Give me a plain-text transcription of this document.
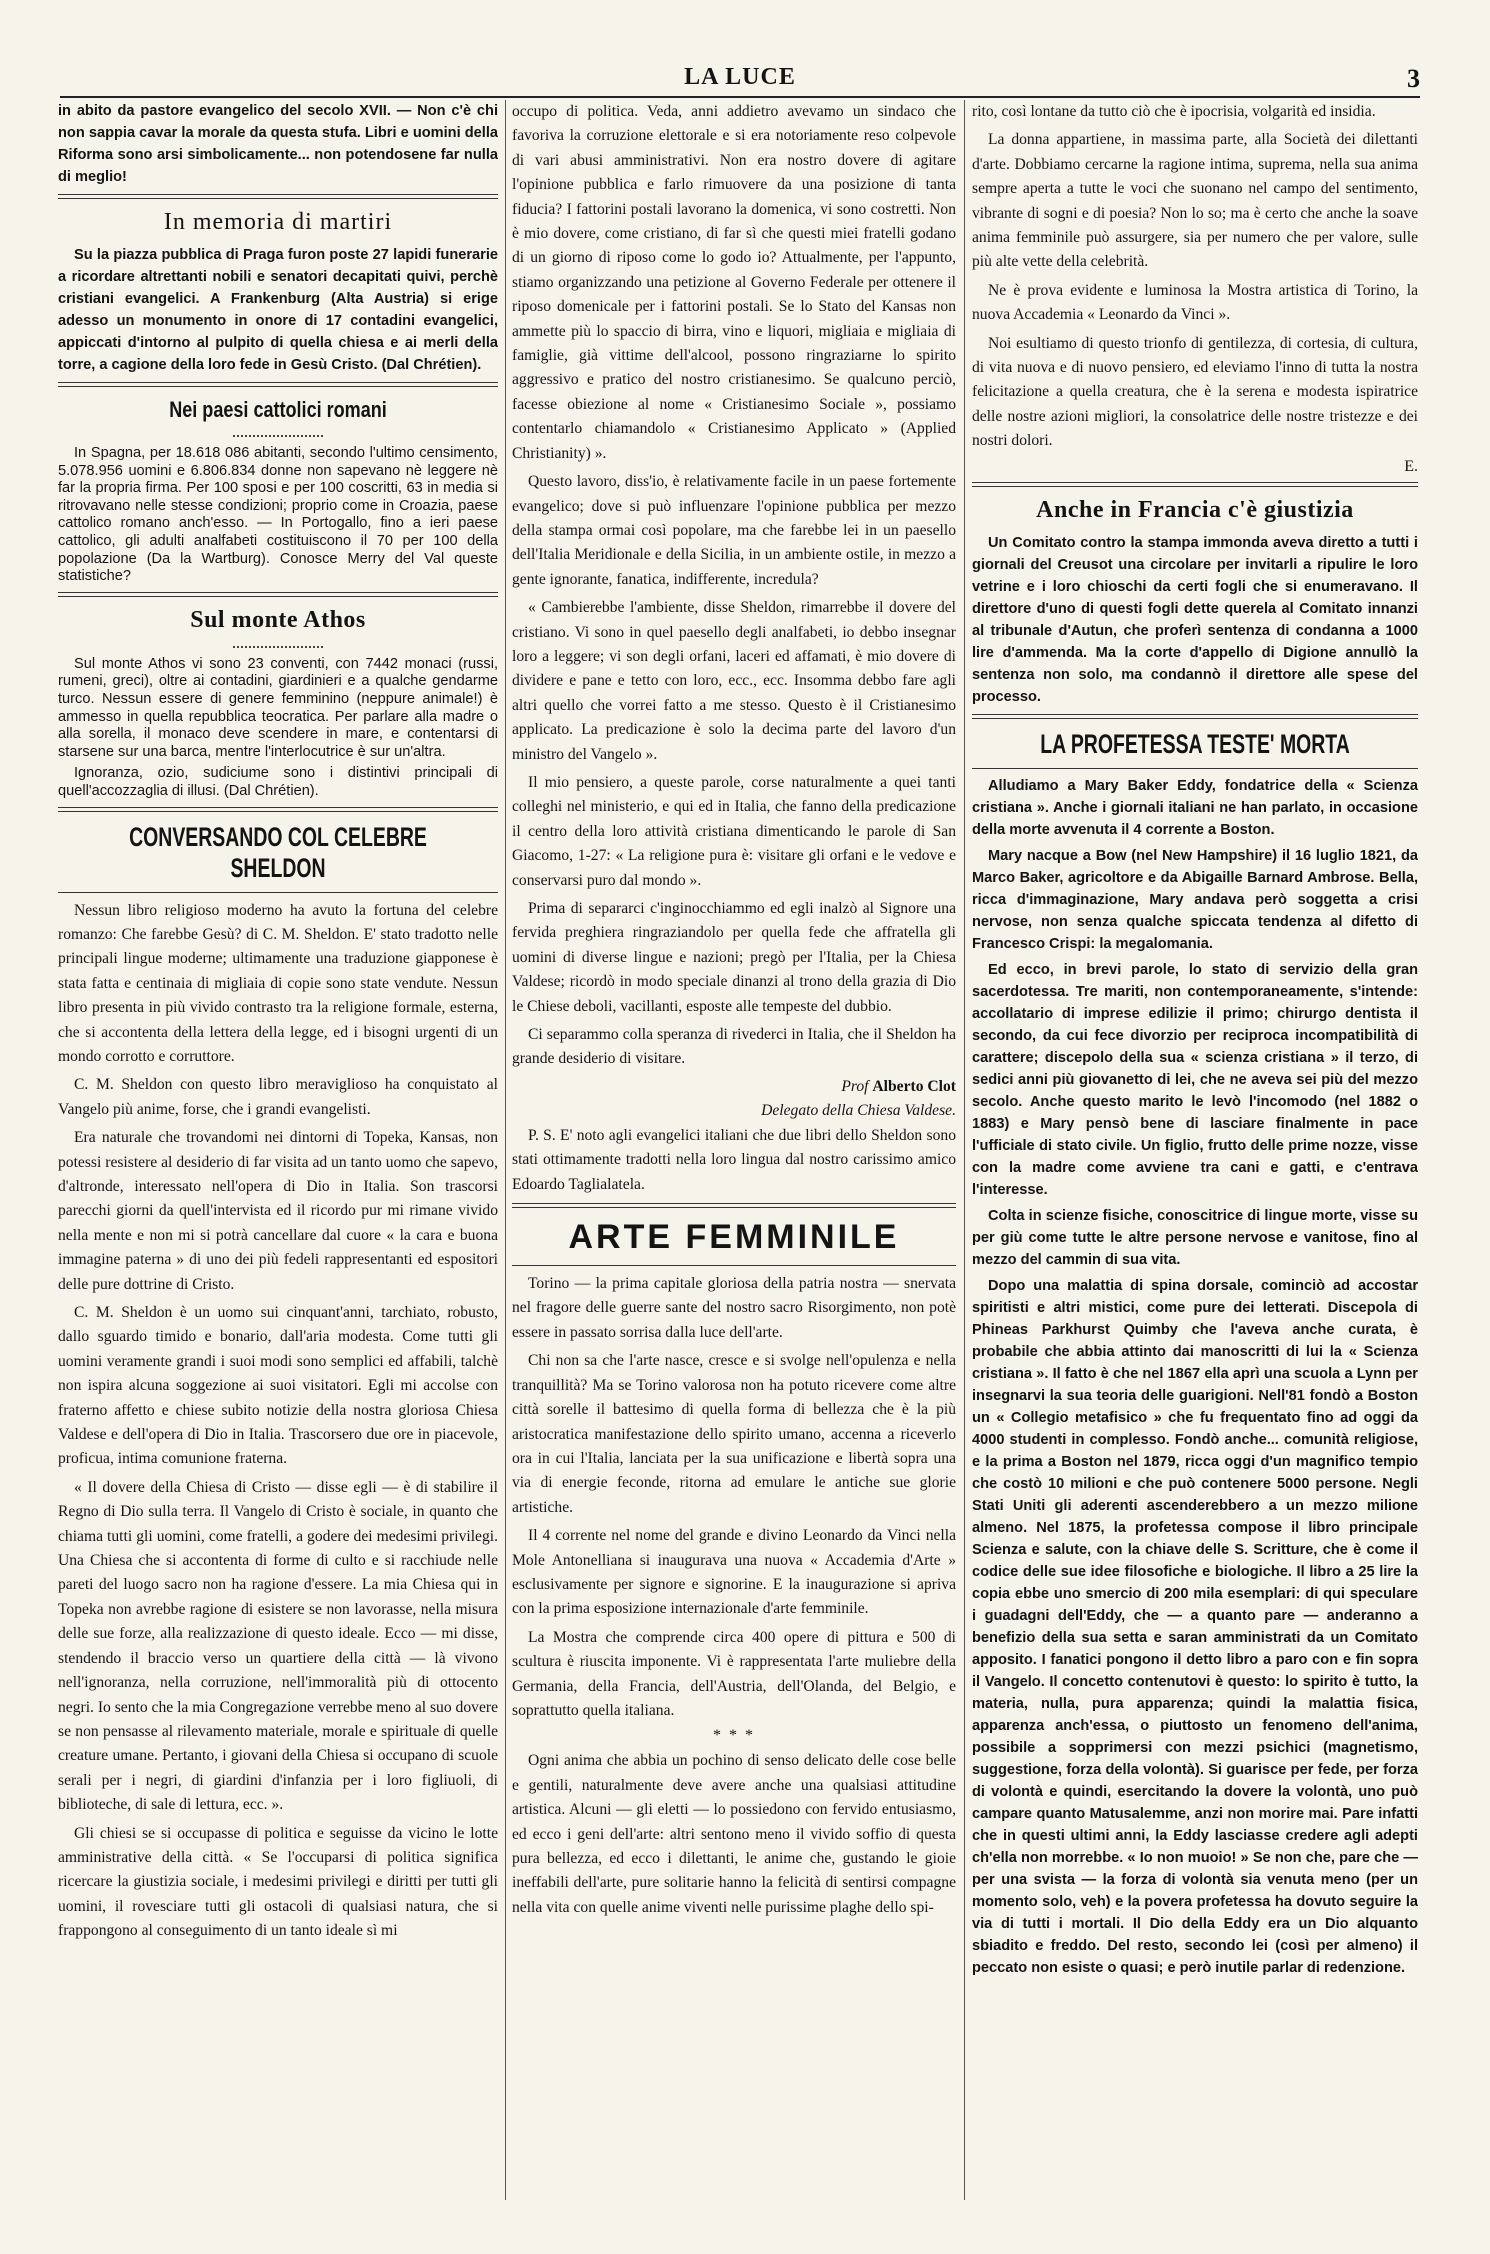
LA LUCE	3

in abito da pastore evangelico del secolo XVII. — Non c'è chi non sappia cavar la morale da questa stufa. Libri e uomini della Riforma sono arsi simbolicamente... non potendosene far nulla di meglio!

In memoria di martiri

Su la piazza pubblica di Praga furon poste 27 lapidi funerarie a ricordare altrettanti nobili e senatori decapitati quivi, perchè cristiani evangelici. A Frankenburg (Alta Austria) si erige adesso un monumento in onore di 17 contadini evangelici, appiccati d'intorno al pulpito di quella chiesa e ai merli della torre, a cagione della loro fede in Gesù Cristo. (Dal Chrétien).

Nei paesi cattolici romani

In Spagna, per 18.618 086 abitanti, secondo l'ultimo censimento, 5.078.956 uomini e 6.806.834 donne non sapevano nè leggere nè far la propria firma. Per 100 sposi e per 100 coscritti, 63 in media si ritrovavano nelle stesse condizioni; proprio come in Croazia, paese cattolico romano anch'esso. — In Portogallo, fino a ieri paese cattolico, gli adulti analfabeti costituiscono il 70 per 100 della popolazione (Da la Wartburg). Conosce Merry del Val queste statistiche?

Sul monte Athos

Sul monte Athos vi sono 23 conventi, con 7442 monaci (russi, rumeni, greci), oltre ai contadini, giardinieri e a qualche gendarme turco. Nessun essere di genere femminino (neppure animale!) è ammesso in quella repubblica teocratica. Per parlare alla madre o alla sorella, il monaco deve scendere in mare, e contentarsi di starsene sur una barca, mentre l'interlocutrice è sur un'altra.

Ignoranza, ozio, sudiciume sono i distintivi principali di quell'accozzaglia di illusi. (Dal Chrétien).

CONVERSANDO COL CELEBRE SHELDON

Nessun libro religioso moderno ha avuto la fortuna del celebre romanzo: Che farebbe Gesù? di C. M. Sheldon. E' stato tradotto nelle principali lingue moderne; ultimamente una traduzione giapponese è stata fatta e centinaia di migliaia di copie sono state vendute. Nessun libro presenta in più vivido contrasto tra la religione formale, esterna, che si accontenta della lettera della legge, ed i bisogni urgenti di un mondo corrotto e corruttore.

C. M. Sheldon con questo libro meraviglioso ha conquistato al Vangelo più anime, forse, che i grandi evangelisti.

Era naturale che trovandomi nei dintorni di Topeka, Kansas, non potessi resistere al desiderio di far visita ad un tanto uomo che sapevo, d'altronde, interessato nell'opera di Dio in Italia. Son trascorsi parecchi giorni da quell'intervista ed il ricordo pur mi rimane vivido nella mente e non mi si potrà cancellare dal cuore « la cara e buona immagine paterna » di uno dei più fedeli rappresentanti ed espositori delle pure dottrine di Cristo.

C. M. Sheldon è un uomo sui cinquant'anni, tarchiato, robusto, dallo sguardo timido e bonario, dall'aria modesta. Come tutti gli uomini veramente grandi i suoi modi sono semplici ed affabili, talchè non ispira alcuna soggezione ai suoi visitatori. Egli mi accolse con fraterno affetto e chiese subito notizie della nostra gloriosa Chiesa Valdese e dell'opera di Dio in Italia. Trascorsero due ore in piacevole, proficua, intima comunione fraterna.

« Il dovere della Chiesa di Cristo — disse egli — è di stabilire il Regno di Dio sulla terra. Il Vangelo di Cristo è sociale, in quanto che chiama tutti gli uomini, come fratelli, a godere dei medesimi privilegi. Una Chiesa che si accontenta di forme di culto e si racchiude nelle pareti del luogo sacro non ha ragione d'essere. La mia Chiesa qui in Topeka non avrebbe ragione di esistere se non lavorasse, nella misura delle sue forze, alla realizzazione di questo ideale. Ecco — mi disse, stendendo il braccio verso un quartiere della città — là vivono nell'ignoranza, nella corruzione, nell'immoralità più di ottocento negri. Io sento che la mia Congregazione verrebbe meno al suo dovere se non pensasse al rilevamento materiale, morale e spirituale di quelle creature umane. Pertanto, i giovani della Chiesa si occupano di scuole serali per i negri, di giardini d'infanzia per i loro figliuoli, di biblioteche, di sale di lettura, ecc. ».

Gli chiesi se si occupasse di politica e seguisse da vicino le lotte amministrative della città. « Se l'occuparsi di politica significa ricercare la giustizia sociale, i medesimi privilegi e diritti per tutti gli uomini, il rovesciare tutti gli ostacoli di qualsiasi natura, che si frappongono al conseguimento di un tanto ideale sì mi

occupo di politica. Veda, anni addietro avevamo un sindaco che favoriva la corruzione elettorale e si era notoriamente reso colpevole di vari abusi amministrativi. Non era nostro dovere di agitare l'opinione pubblica e farlo rimuovere da una posizione di tanta fiducia? I fattorini postali lavorano la domenica, vi sono costretti. Non è mio dovere, come cristiano, di far sì che questi miei fratelli godano di un giorno di riposo come lo godo io? Attualmente, per l'appunto, stiamo organizzando una petizione al Governo Federale per ottenere il riposo domenicale per i fattorini postali. Se lo Stato del Kansas non ammette più lo spaccio di birra, vino e liquori, migliaia e migliaia di famiglie, già vittime dell'alcool, possono ringraziarne lo spirito aggressivo e pratico del nostro cristianesimo. Se qualcuno perciò, facesse obiezione al nome « Cristianesimo Sociale », possiamo contentarlo chiamandolo « Cristianesimo Applicato » (Applied Christianity) ».

Questo lavoro, diss'io, è relativamente facile in un paese fortemente evangelico; dove si può influenzare l'opinione pubblica per mezzo della stampa ormai così popolare, ma che farebbe lei in un paesello dell'Italia Meridionale e della Sicilia, in un ambiente ostile, in mezzo a gente ignorante, fanatica, indifferente, incredula?

« Cambierebbe l'ambiente, disse Sheldon, rimarrebbe il dovere del cristiano. Vi sono in quel paesello degli analfabeti, io debbo insegnar loro a leggere; vi son degli orfani, laceri ed affamati, è mio dovere di dividere e pane e tetto con loro, ecc., ecc. Insomma debbo fare agli altri quello che vorrei fatto a me stesso. Questo è il Cristianesimo applicato. La predicazione è solo la decima parte del lavoro d'un ministro del Vangelo ».

Il mio pensiero, a queste parole, corse naturalmente a quei tanti colleghi nel ministerio, e qui ed in Italia, che fanno della predicazione il centro della loro attività cristiana dimenticando le parole di San Giacomo, 1-27: « La religione pura è: visitare gli orfani e le vedove e conservarsi puro dal mondo ».

Prima di separarci c'inginocchiammo ed egli inalzò al Signore una fervida preghiera ringraziandolo per quella fede che affratella gli uomini di diverse lingue e nazioni; pregò per l'Italia, per la Chiesa Valdese; ricordò in modo speciale dinanzi al trono della grazia di Dio le Chiese deboli, vacillanti, esposte alle tempeste del dubbio.

Ci separammo colla speranza di rivederci in Italia, che il Sheldon ha grande desiderio di visitare.

Prof Alberto Clot
Delegato della Chiesa Valdese.

P. S. E' noto agli evangelici italiani che due libri dello Sheldon sono stati ottimamente tradotti nella loro lingua dal nostro carissimo amico Edoardo Taglialatela.

ARTE FEMMINILE

Torino — la prima capitale gloriosa della patria nostra — snervata nel fragore delle guerre sante del nostro sacro Risorgimento, non potè essere in passato sorrisa dalla luce dell'arte.

Chi non sa che l'arte nasce, cresce e si svolge nell'opulenza e nella tranquillità? Ma se Torino valorosa non ha potuto ricevere come altre città sorelle il battesimo di quella forma di bellezza che è la più aristocratica manifestazione dello spirito umano, accenna a riceverlo ora in cui l'Italia, lanciata per la sua unificazione e libertà sopra una via di energie feconde, ritorna ad emulare le antiche sue glorie artistiche.

Il 4 corrente nel nome del grande e divino Leonardo da Vinci nella Mole Antonelliana si inaugurava una nuova « Accademia d'Arte » esclusivamente per signore e signorine. E la inaugurazione si apriva con la prima esposizione internazionale d'arte femminile.

La Mostra che comprende circa 400 opere di pittura e 500 di scultura è riuscita imponente. Vi è rappresentata l'arte muliebre della Germania, della Francia, dell'Austria, dell'Olanda, del Belgio, e soprattutto quella italiana.

* * *

Ogni anima che abbia un pochino di senso delicato delle cose belle e gentili, naturalmente deve avere anche una qualsiasi attitudine artistica. Alcuni — gli eletti — lo possiedono con fervido entusiasmo, ed ecco i geni dell'arte: altri sentono meno il vivido soffio di questa pura bellezza, ed ecco i dilettanti, le anime che, gustando le gioie ineffabili dell'arte, pure solitarie hanno la felicità di sentirsi compagne nella vita con quelle anime viventi nelle purissime plaghe dello spi-

rito, così lontane da tutto ciò che è ipocrisia, volgarità ed insidia.

La donna appartiene, in massima parte, alla Società dei dilettanti d'arte. Dobbiamo cercarne la ragione intima, suprema, nella sua anima sempre aperta a tutte le voci che suonano nel campo del sentimento, vibrante di sogni e di poesia? Non lo so; ma è certo che anche la soave anima femminile può assurgere, sia per numero che per valore, sulle più alte vette della celebrità.

Ne è prova evidente e luminosa la Mostra artistica di Torino, la nuova Accademia « Leonardo da Vinci ».

Noi esultiamo di questo trionfo di gentilezza, di cortesia, di cultura, di vita nuova e di nuovo pensiero, ed eleviamo l'inno di tutta la nostra felicitazione a quella creatura, che è la serena e modesta ispiratrice delle nostre azioni migliori, la consolatrice delle nostre tristezze e dei nostri dolori.

E.
Anche in Francia c'è giustizia

Un Comitato contro la stampa immonda aveva diretto a tutti i giornali del Creusot una circolare per invitarli a ripulire le loro vetrine e i loro chioschi da certi fogli che si enumeravano. Il direttore d'uno di questi fogli dette querela al Comitato innanzi al tribunale d'Autun, che proferì sentenza di condanna a 1000 lire d'ammenda. Ma la corte d'appello di Digione annullò la sentenza non solo, ma condannò il direttore alle spese del processo.

LA PROFETESSA TESTE' MORTA

Alludiamo a Mary Baker Eddy, fondatrice della « Scienza cristiana ». Anche i giornali italiani ne han parlato, in occasione della morte avvenuta il 4 corrente a Boston.

Mary nacque a Bow (nel New Hampshire) il 16 luglio 1821, da Marco Baker, agricoltore e da Abigaille Barnard Ambrose. Bella, ricca d'immaginazione, Mary andava però soggetta a crisi nervose, non senza qualche spiccata tendenza al difetto di Francesco Crispi: la megalomania.

Ed ecco, in brevi parole, lo stato di servizio della gran sacerdotessa. Tre mariti, non contemporaneamente, s'intende: accollatario di imprese edilizie il primo; chirurgo dentista il secondo, da cui fece divorzio per reciproca incompatibilità di carattere; discepolo della sua « scienza cristiana » il terzo, di sedici anni più giovanetto di lei, che ne aveva sei più del mezzo secolo. Anche questo marito le levò l'incomodo (nel 1882 o 1883) e Mary pensò bene di lasciare finalmente in pace l'ufficiale di stato civile. Un figlio, frutto delle prime nozze, visse con la madre come avviene tra cani e gatti, e c'entrava l'interesse.

Colta in scienze fisiche, conoscitrice di lingue morte, visse su per giù come tutte le altre persone nervose e vanitose, fino al mezzo del cammin di sua vita.

Dopo una malattia di spina dorsale, cominciò ad accostar spiritisti e altri mistici, come pure dei letterati. Discepola di Phineas Parkhurst Quimby che l'aveva anche curata, è probabile che abbia attinto dai manoscritti di lui la « Scienza cristiana ». Il fatto è che nel 1867 ella aprì una scuola a Lynn per insegnarvi la sua teoria delle guarigioni. Nell'81 fondò a Boston un « Collegio metafisico » che fu frequentato fino ad oggi da 4000 studenti in complesso. Fondò anche... comunità religiose, e la prima a Boston nel 1879, ricca oggi d'un magnifico tempio che costò 10 milioni e che può contenere 5000 persone. Negli Stati Uniti gli aderenti ascenderebbero a un mezzo milione almeno. Nel 1875, la profetessa compose il libro principale Scienza e salute, con la chiave delle S. Scritture, che è come il codice delle sue idee filosofiche e biologiche. Il libro a 25 lire la copia ebbe uno smercio di 200 mila esemplari: di qui speculare i guadagni dell'Eddy, che — a quanto pare — anderanno a benefizio della sua setta e saran amministrati da un Comitato apposito. I fanatici pongono il detto libro a paro con e fin sopra il Vangelo. Il concetto contenutovi è questo: lo spirito è tutto, la materia, nulla, pura apparenza; quindi la malattia fisica, apparenza anch'essa, o piuttosto un fenomeno dell'anima, possibile a sopprimersi con mezzi psichici (magnetismo, suggestione, forza della volontà). Si guarisce per fede, per forza di volontà e quindi, esercitando la dovere la volontà, uno può campare quanto Matusalemme, anzi non morire mai. Pare infatti che in questi ultimi anni, la Eddy lasciasse credere agli adepti ch'ella non morrebbe. « Io non muoio! » Se non che, pare che — per una svista — la forza di volontà sia venuta meno (per un momento solo, veh) e la povera profetessa ha dovuto seguire la via di tutti i mortali. Il Dio della Eddy era un Dio alquanto sbiadito e freddo. Del resto, secondo lei (così per almeno) il peccato non esiste o quasi; e però inutile parlar di redenzione.
